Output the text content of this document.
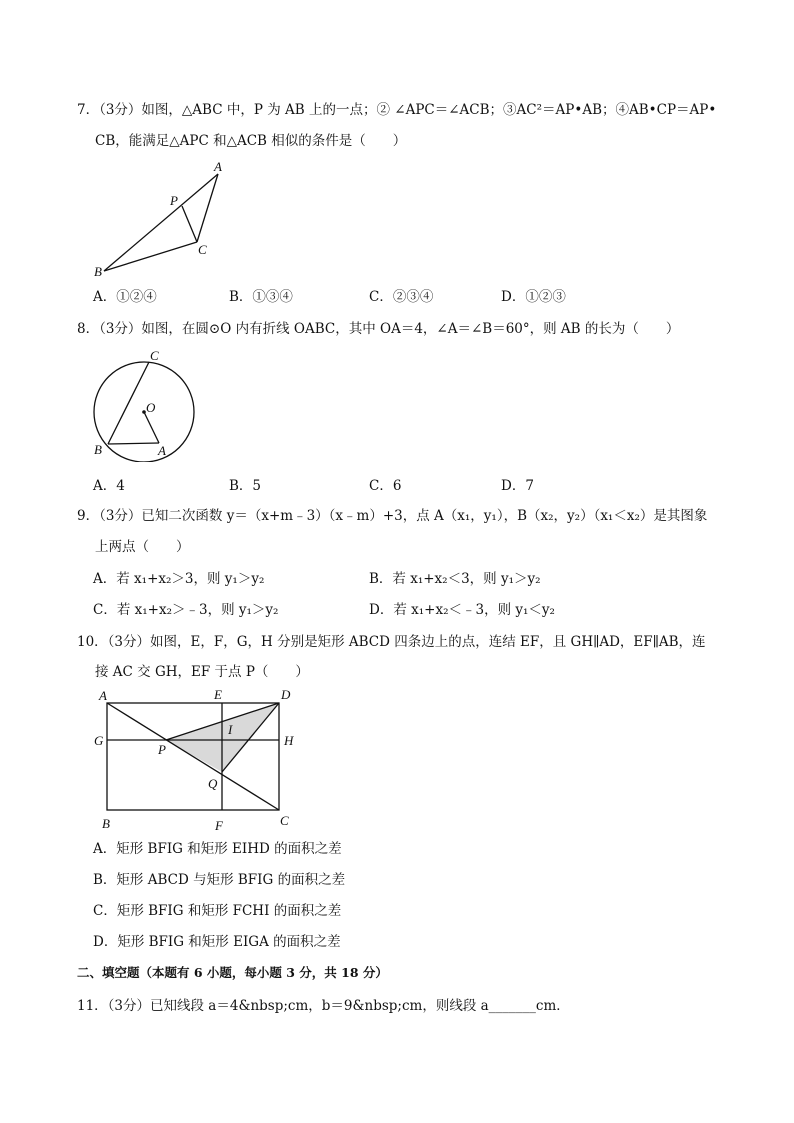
7．（3分）如图，△ABC 中，P 为 AB 上的一点；② ∠APC＝∠ACB；③AC²＝AP•AB；④AB•CP＝AP•
CB，能满足△APC 和△ACB 相似的条件是（　　）
A
P
C
B
A．①②④	B．①③④	C．②③④	D．①②③
8．（3分）如图，在圆⊙O 内有折线 OABC，其中 OA＝4，∠A＝∠B＝60°，则 AB 的长为（　　）
C
O
B	A
A．4	B．5	C．6	D．7
9．（3分）已知二次函数 y＝（x+m﹣3）（x﹣m）+3，点 A（x₁，y₁），B（x₂，y₂）（x₁＜x₂）是其图象
上两点（　　）
A．若 x₁+x₂＞3，则 y₁＞y₂	B．若 x₁+x₂＜3，则 y₁＞y₂
C．若 x₁+x₂＞﹣3，则 y₁＞y₂	D．若 x₁+x₂＜﹣3，则 y₁＜y₂
10．（3分）如图，E，F，G，H 分别是矩形 ABCD 四条边上的点，连结 EF，且 GH∥AD，EF∥AB，连
接 AC 交 GH，EF 于点 P（　　）
A	E	D
G
P
I
H
Q
B	F	C
A．矩形 BFIG 和矩形 EIHD 的面积之差
B．矩形 ABCD 与矩形 BFIG 的面积之差
C．矩形 BFIG 和矩形 FCHI 的面积之差
D．矩形 BFIG 和矩形 EIGA 的面积之差
二、填空题（本题有 6 小题，每小题 3 分，共 18 分）
11．（3分）已知线段 a＝4&nbsp;cm，b＝9&nbsp;cm，则线段 a_______cm．
